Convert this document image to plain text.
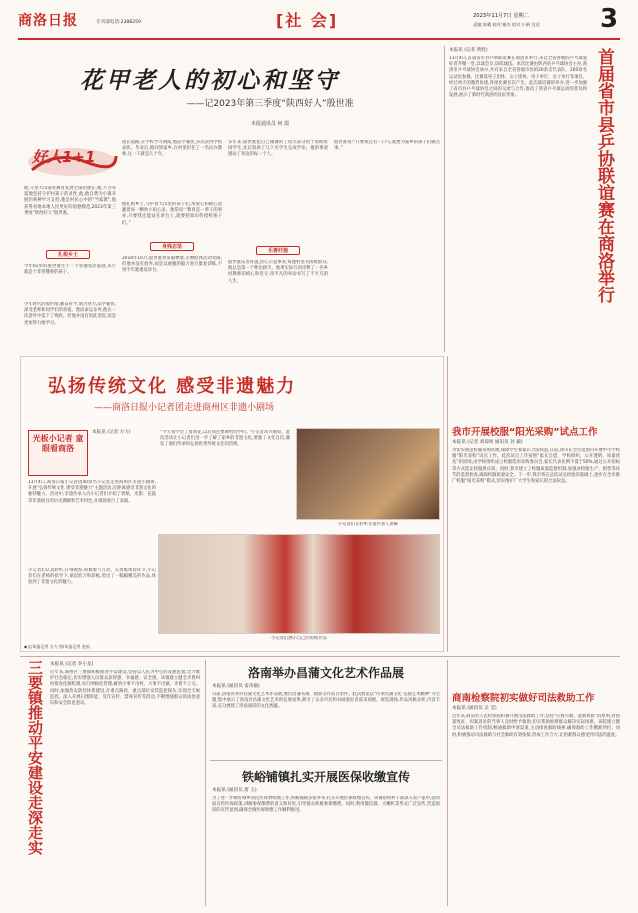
商洛日报	专刊部电话:2388259	[社 会]	2023年11月7日 星期二
责编:张璐 校对:谢杰 组对:小帆 宣达 3
花甲老人的初心和坚守
——记2023年第三季度“陕西好人”殷世准
本报通讯员 何 霞
好人1+1
他,守望大山深处教育发展全部的重任,他,不分冬夏地坚持守护村孩子的灵性,他,他自费为小镇开展的各种学习支持,他是村民心中的“当家教”,他获得省地本地人民更好的道德模范,2023年第三季度“陕西好人”殷世准。
扎根乡土
今年61岁的殷世准生于一个普通农民家庭,从小就是个非常懂事的孩子。
少年时代的殷世准,勤奋好学,刻苦努力,品学兼优,深受老师和同学们的喜爱。然而命运多舛,他在一次意外中落下了残疾。但他并没有因此消沉,而是更加努力地学习。
成长道路,在学校学习期间,他品学兼优,多次获得学校表彰。毕业后,他回到家乡,在村里担任了一名民办教师,这一干就是几十年。
他扎根乡土,守护着大山里的孩子们,用爱心和耐心浇灌着每一颗幼小的心灵。他常说:“教育是一辈子的事业,只要我还能站在讲台上,就要把知识传授给孩子们。”
身残志坚
2018年10月,殷世准突发脑梗塞,左侧肢体活动受限,但他并没有放弃,而是以顽强的毅力进行康复训练,不到半年就重返讲台。
多年来,殷世准把自己微薄的工资大部分用于资助贫困学生,先后资助了几十名学生完成学业。他的事迹感动了身边的每一个人。
乐善好施
殷世准乐善好施,热心公益事业,每逢村里有困难群众,他总是第一个伸出援手。他用实际行动诠释了一名乡村教师的初心和坚守,用平凡的举动书写了不平凡的人生。
殷世准说:“只要我还有一口气,就要为家乡的孩子们做点事。”
本报讯 (记者 黄胜)
11月4日,首届省市县乒协联谊赛在商洛市举行,来自全省各地的乒乓球爱好者齐聚一堂,以球会友,切磋球技。本次比赛由陕西省乒乓球协会主办,商洛市乒乓球协会承办,共有来自全省各地市县的20余支代表队、200余名运动员参赛。比赛设男子团体、女子团体、男子单打、女子单打等项目。经过两天的激烈角逐,各项比赛名次产生。此次联谊赛的举办,进一步加强了省市县乒乓球协会之间的交流与合作,推动了我省乒乓球运动的普及和发展,展示了新时代商洛的良好形象。	首届省市县乒协联谊赛在商洛举行
弘扬传统文化 感受非遗魅力
——商洛日报小记者团走进商州区非遗小剧场
光板小记者 童眼看商洛
本报讯 (记者 方力)
11月4日,商洛日报小记者团40余名小记者走进商州区非遗小剧场,开展“弘扬传统文化 感受非遗魅力”主题活动,近距离感受非遗文化的独特魅力。活动中,非遗传承人向小记者们介绍了剪纸、皮影、花鼓等非遗项目的历史渊源和艺术特色,并现场进行了表演。
小记者们认真聆听,仔细观察,积极参与互动。在剪纸体验环节,小记者们在老师的指导下,拿起剪刀和彩纸,剪出了一幅幅精美的作品,体验到了非遗文化的魅力。
“今天我学会了剪窗花,以后我还要教给同学们。”小记者高兴地说。此次活动让小记者们进一步了解了家乡的非遗文化,增强了文化自信,激发了他们传承和弘扬优秀传统文化的热情。
小记者们在聆听非遗传承人讲解
小记者们展示自己的剪纸作品
◆文/本报记者 方力 图/本报记者 金园
我市开展校服“阳光采购”试点工作
本报讯 (记者 刘琼瑶 通讯员 孙 毅)
为切实规范校服采购管理,保障学生和家长合法权益,日前,我市在全市范围内开展中小学校服“阳光采购”试点工作。此次试点工作按照“家长自愿、学校组织、公开透明、质量优先”的原则,由学校组织成立校服选用采购委员会,家长代表比例不低于50%,通过公开招标等方式选定校服供应商。同时,我市建立了校服质量监督机制,加强对校服生产、销售等环节的监督检查,确保校服质量安全。下一步,我市将在总结试点经验的基础上,逐步在全市推广校服“阳光采购”模式,切实维护广大学生和家长的合法权益。
三要镇推动平安建设走深走实	本报讯 (记者 李小龙)
近年来,商州区三要镇积极推进平安建设,坚持以人民为中心的发展思想,全力维护社会稳定,切实增强人民群众获得感、幸福感、安全感。该镇建立健全矛盾纠纷排查化解机制,实行网格化管理,做到小事不出村、大事不出镇、矛盾不上交。同时,加强治安防控体系建设,在重点路段、重点部位安装监控探头,实现全天候监控。深入开展扫黑除恶、反诈宣传、禁毒宣传等活动,不断增强群众的法治意识和安全防范意识。
洛南举办昌蒲文化艺术作品展
本报讯 (通讯员 雷涛敏)
日前,洛南县举办昌蒲文化艺术作品展,展出昌蒲书画、摄影等作品百余件。此次展览以“传承昌蒲文化 弘扬艺术精神”为主题,集中展示了洛南县昌蒲文化艺术的发展成果,吸引了众多市民和书画爱好者前来观展。展览现场,作品风格多样,内容丰富,充分展现了洛南深厚的文化底蕴。
铁峪铺镇扎实开展医保收缴宣传
本报讯 (通讯员 唐 玉)
为了进一步做好城乡居民医保费收缴工作,铁峪铺镇多措并举,扎实开展医保收缴宣传。该镇组织村干部深入农户家中,面对面宣传医保政策,讲解参保缴费的意义和好处,引导群众积极参保缴费。同时,利用微信群、大喇叭等形式广泛宣传,营造浓厚的宣传氛围,确保全镇医保收缴工作顺利推进。
商南检察院初实做好司法救助工作
本报讯 (通讯员 吴 莹)
近年来,商南县人民检察院积极开展司法救助工作,坚持“应救尽救、能救快救”的原则,对因案致贫、因案返贫的当事人及时给予救助,切实帮助困难群众解决实际困难。该院建立健全司法救助工作机制,畅通救助申请渠道,主动排查救助线索,确保救助工作精准到位。同时,积极推动司法救助与社会救助有效衔接,形成工作合力,让困难群众感受到司法的温度。
